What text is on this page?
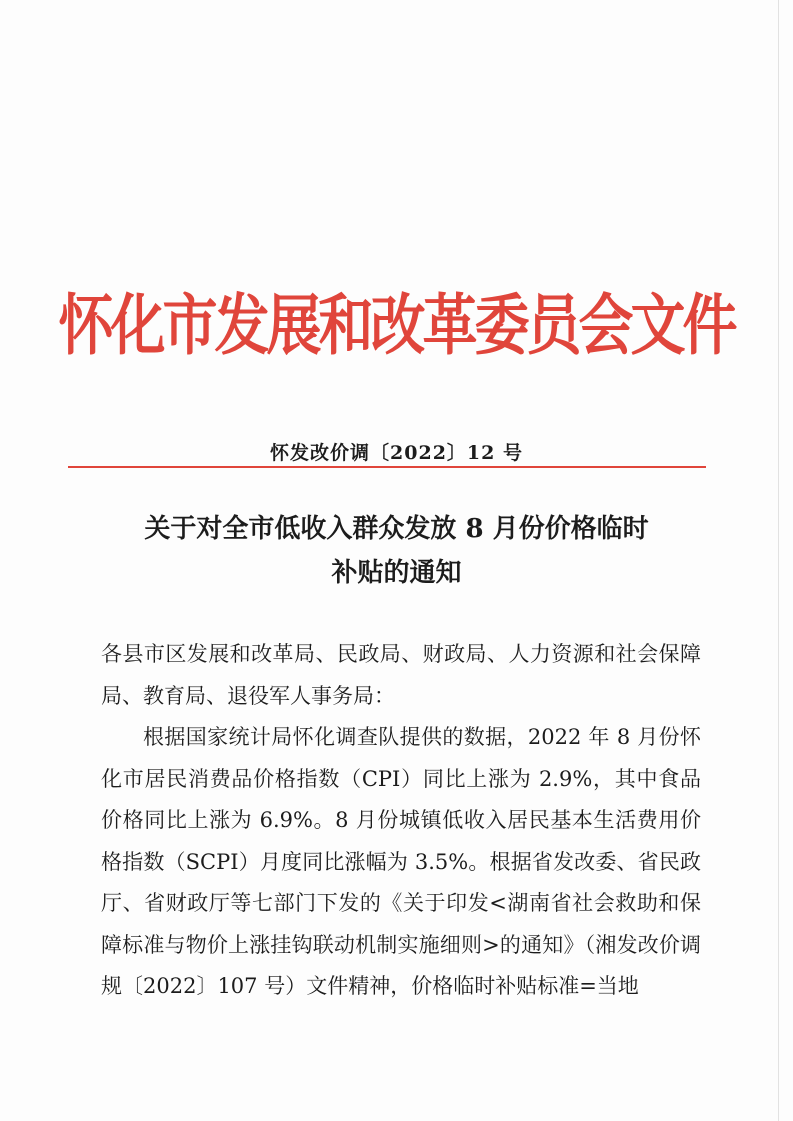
怀化市发展和改革委员会文件
怀发改价调〔2022〕12 号
关于对全市低收入群众发放 8 月份价格临时
补贴的通知

各县市区发展和改革局、民政局、财政局、人力资源和社会保障局、教育局、退役军人事务局：

根据国家统计局怀化调查队提供的数据，2022 年 8 月份怀化市居民消费品价格指数（CPI）同比上涨为 2.9%，其中食品价格同比上涨为 6.9%。8 月份城镇低收入居民基本生活费用价格指数（SCPI）月度同比涨幅为 3.5%。根据省发改委、省民政厅、省财政厅等七部门下发的《关于印发<湖南省社会救助和保障标准与物价上涨挂钩联动机制实施细则>的通知》（湘发改价调规〔2022〕107 号）文件精神，价格临时补贴标准=当地
